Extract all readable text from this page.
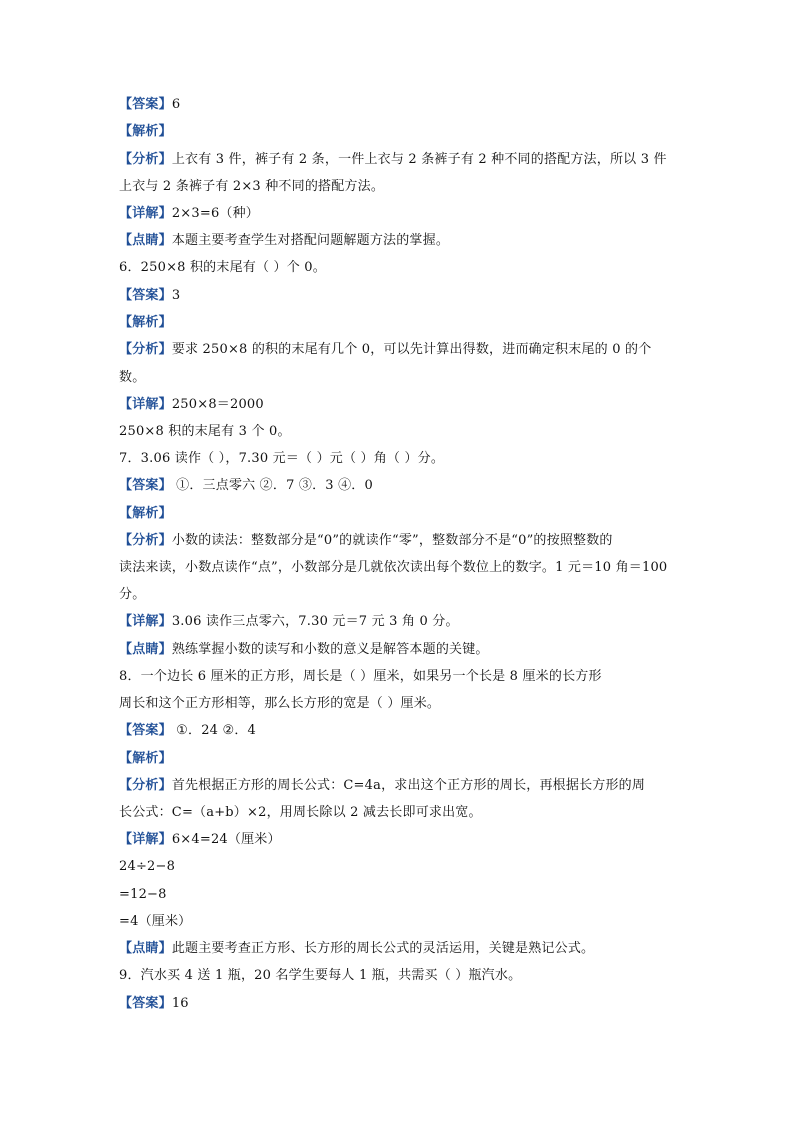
【答案】6
【解析】
【分析】上衣有 3 件，裤子有 2 条，一件上衣与 2 条裤子有 2 种不同的搭配方法，所以 3 件
上衣与 2 条裤子有 2×3 种不同的搭配方法。
【详解】2×3=6（种）
【点睛】本题主要考查学生对搭配问题解题方法的掌握。
6．250×8 积的末尾有（ ）个 0。
【答案】3
【解析】
【分析】要求 250×8 的积的末尾有几个 0，可以先计算出得数，进而确定积末尾的 0 的个
数。
【详解】250×8＝2000
250×8 积的末尾有 3 个 0。
7．3.06 读作（ ），7.30 元＝（ ）元（ ）角（ ）分。
【答案】 ①．三点零六 ②．7 ③．3 ④．0
【解析】
【分析】小数的读法：整数部分是“0”的就读作“零”，整数部分不是“0”的按照整数的
读法来读，小数点读作“点”，小数部分是几就依次读出每个数位上的数字。1 元＝10 角＝100
分。
【详解】3.06 读作三点零六，7.30 元＝7 元 3 角 0 分。
【点睛】熟练掌握小数的读写和小数的意义是解答本题的关键。
8．一个边长 6 厘米的正方形，周长是（ ）厘米，如果另一个长是 8 厘米的长方形
周长和这个正方形相等，那么长方形的宽是（ ）厘米。
【答案】 ①．24 ②．4
【解析】
【分析】首先根据正方形的周长公式：C=4a，求出这个正方形的周长，再根据长方形的周
长公式：C=（a+b）×2，用周长除以 2 减去长即可求出宽。
【详解】6×4=24（厘米）
24÷2−8
=12−8
=4（厘米）
【点睛】此题主要考查正方形、长方形的周长公式的灵活运用，关键是熟记公式。
9．汽水买 4 送 1 瓶，20 名学生要每人 1 瓶，共需买（ ）瓶汽水。
【答案】16
